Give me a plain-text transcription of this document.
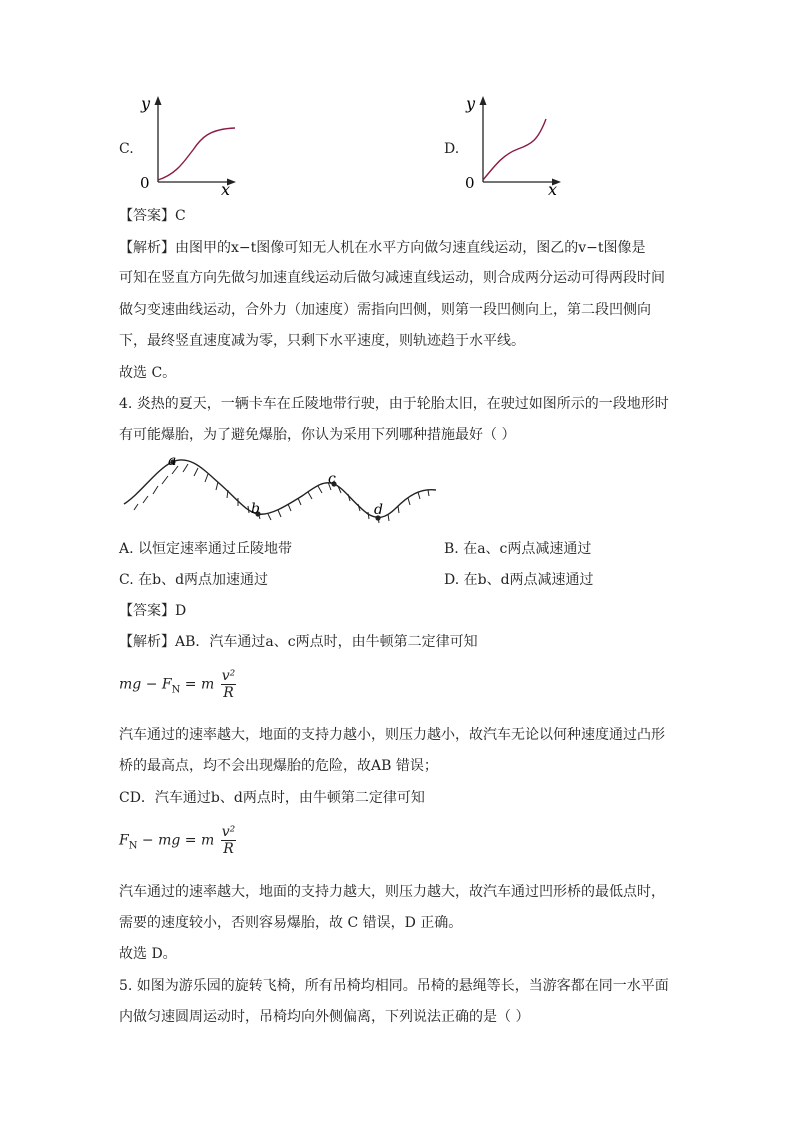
C.
y
x
0
D.
y
x
0
【答案】C
【解析】由图甲的x−t图像可知无人机在水平方向做匀速直线运动，图乙的v−t图像是
可知在竖直方向先做匀加速直线运动后做匀减速直线运动，则合成两分运动可得两段时间
做匀变速曲线运动，合外力（加速度）需指向凹侧，则第一段凹侧向上，第二段凹侧向
下，最终竖直速度减为零，只剩下水平速度，则轨迹趋于水平线。
故选 C。
4. 炎热的夏天，一辆卡车在丘陵地带行驶，由于轮胎太旧，在驶过如图所示的一段地形时
有可能爆胎，为了避免爆胎，你认为采用下列哪种措施最好（ ）
a
b
c
d
A. 以恒定速率通过丘陵地带	B. 在a、c两点减速通过
C. 在b、d两点加速通过	D. 在b、d两点减速通过
【答案】D
【解析】AB．汽车通过a、c两点时，由牛顿第二定律可知
mg − $F_N = m \frac{\text{v²}}{R}$
汽车通过的速率越大，地面的支持力越小，则压力越小，故汽车无论以何种速度通过凸形
桥的最高点，均不会出现爆胎的危险，故AB 错误；
CD．汽车通过b、d两点时，由牛顿第二定律可知
$F_N$ − mg = m $\frac{\text{v²}}{R}$
汽车通过的速率越大，地面的支持力越大，则压力越大，故汽车通过凹形桥的最低点时，
需要的速度较小，否则容易爆胎，故 C 错误，D 正确。
故选 D。
5. 如图为游乐园的旋转飞椅，所有吊椅均相同。吊椅的悬绳等长，当游客都在同一水平面
内做匀速圆周运动时，吊椅均向外侧偏离，下列说法正确的是（ ）
